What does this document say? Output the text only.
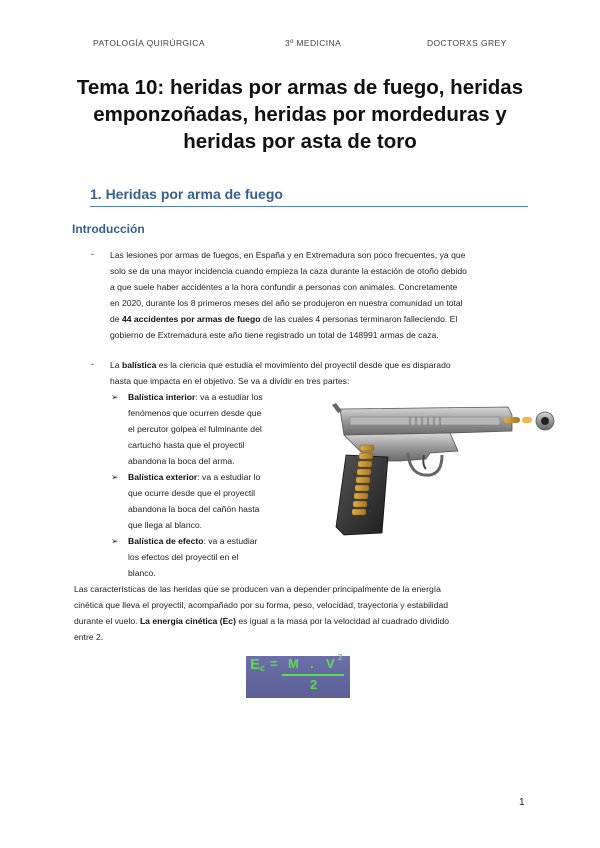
PATOLOGÍA QUIRÚRGICA	3º MEDICINA	DOCTORXS GREY
Tema 10: heridas por armas de fuego, heridas emponzoñadas, heridas por mordeduras y heridas por asta de toro
1. Heridas por arma de fuego
Introducción
- Las lesiones por armas de fuegos, en España y en Extremadura son poco frecuentes, ya que
solo se da una mayor incidencia cuando empieza la caza durante la estación de otoño debido
a que suele haber accidentes a la hora confundir a personas con animales. Concretamente
en 2020, durante los 8 primeros meses del año se produjeron en nuestra comunidad un total
de 44 accidentes por armas de fuego de las cuales 4 personas terminaron falleciendo. El
gobierno de Extremadura este año tiene registrado un total de 148991 armas de caza.
- La balística es la ciencia que estudia el movimiento del proyectil desde que es disparado
hasta que impacta en el objetivo. Se va a dividir en tres partes:
➢ Balística interior: va a estudiar los
fenómenos que ocurren desde que
el percutor golpea el fulminante del
cartucho hasta que el proyectil
abandona la boca del arma.
➢ Balística exterior: va a estudiar lo
que ocurre desde que el proyectil
abandona la boca del cañón hasta
que llega al blanco.
➢ Balística de efecto: va a estudiar
los efectos del proyectil en el
blanco.
Las características de las heridas que se producen van a depender principalmente de la energía
cinética que lleva el proyectil, acompañado por su forma, peso, velocidad, trayectoria y estabilidad
durante el vuelo. La energía cinética (Ec) es igual a la masa por la velocidad al cuadrado dividido
entre 2.
E c = M . V 2
2
1
